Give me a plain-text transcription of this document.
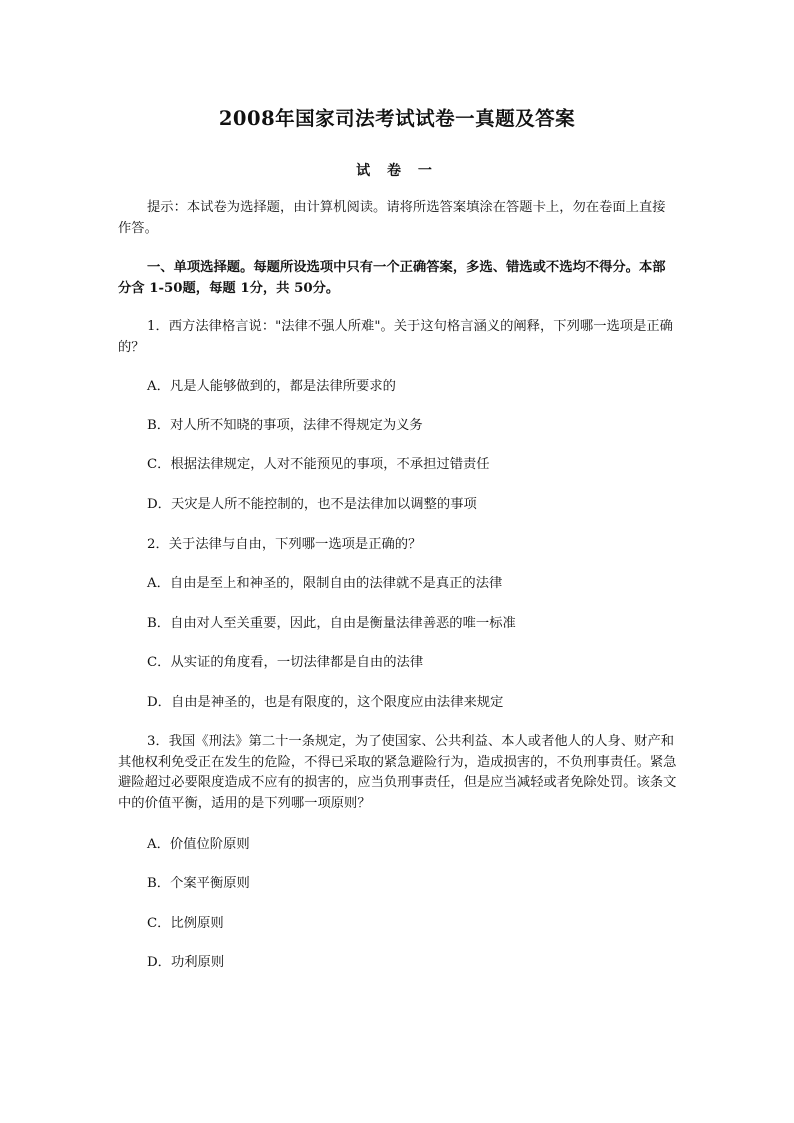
2008年国家司法考试试卷一真题及答案
试 卷 一
提示：本试卷为选择题，由计算机阅读。请将所选答案填涂在答题卡上，勿在卷面上直接作答。
一、单项选择题。每题所设选项中只有一个正确答案，多选、错选或不选均不得分。本部分含 1-50题，每题 1分，共 50分。
1．西方法律格言说："法律不强人所难"。关于这句格言涵义的阐释，下列哪一选项是正确的？
A．凡是人能够做到的，都是法律所要求的
B．对人所不知晓的事项，法律不得规定为义务
C．根据法律规定，人对不能预见的事项，不承担过错责任
D．天灾是人所不能控制的，也不是法律加以调整的事项
2．关于法律与自由，下列哪一选项是正确的？
A．自由是至上和神圣的，限制自由的法律就不是真正的法律
B．自由对人至关重要，因此，自由是衡量法律善恶的唯一标准
C．从实证的角度看，一切法律都是自由的法律
D．自由是神圣的，也是有限度的，这个限度应由法律来规定
3．我国《刑法》第二十一条规定，为了使国家、公共利益、本人或者他人的人身、财产和其他权利免受正在发生的危险，不得已采取的紧急避险行为，造成损害的，不负刑事责任。紧急避险超过必要限度造成不应有的损害的，应当负刑事责任，但是应当减轻或者免除处罚。该条文中的价值平衡，适用的是下列哪一项原则？
A．价值位阶原则
B．个案平衡原则
C．比例原则
D．功利原则
